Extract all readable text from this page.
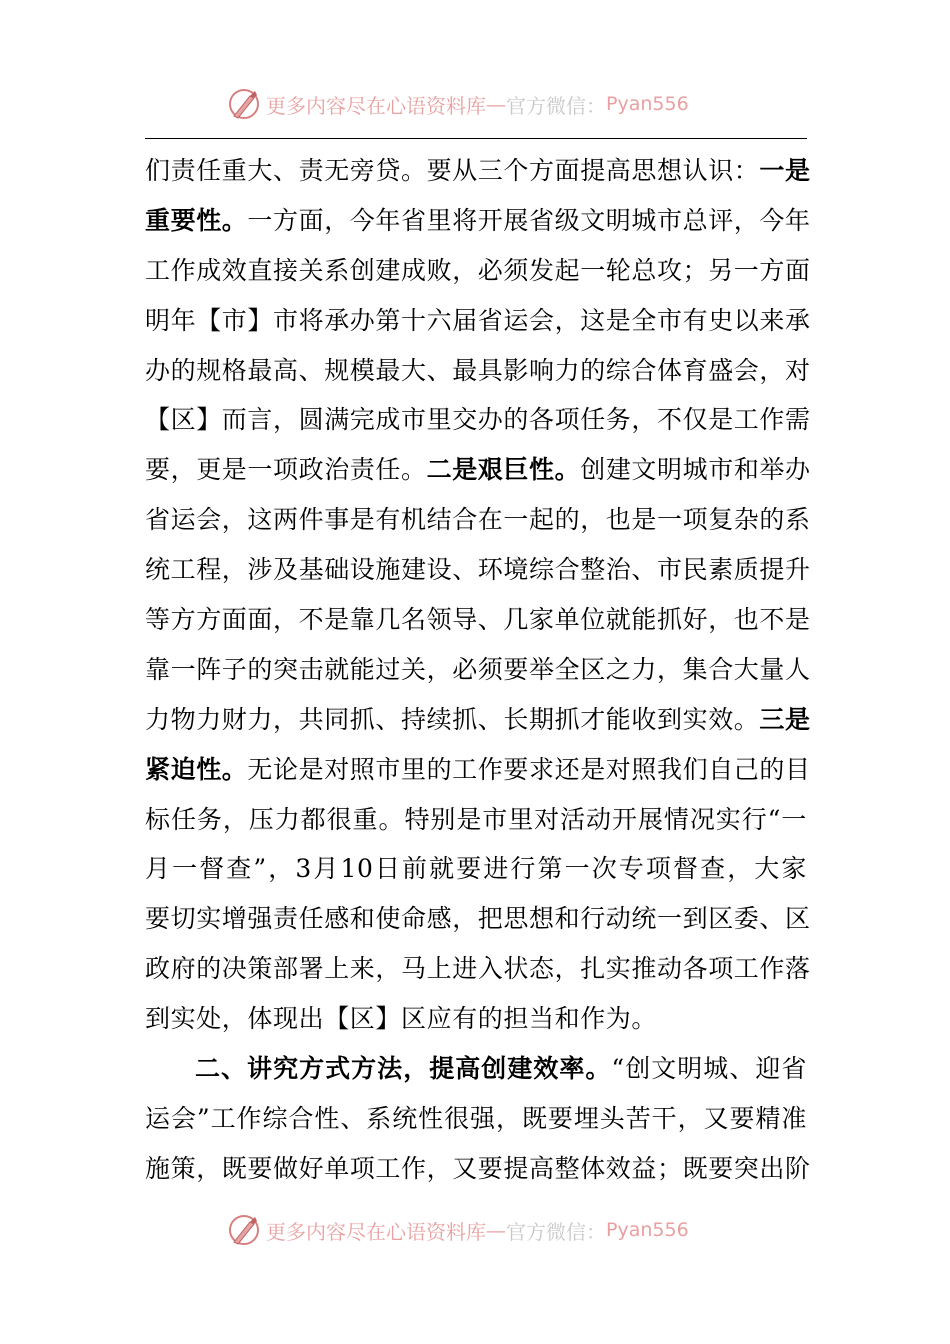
更多内容尽在心语资料库 — 官方微信： Pyan556
们责任重大、责无旁贷。要从三个方面提高思想认识：一是
重要性。一方面，今年省里将开展省级文明城市总评，今年
工作成效直接关系创建成败，必须发起一轮总攻；另一方面
明年【市】市将承办第十六届省运会，这是全市有史以来承
办的规格最高、规模最大、最具影响力的综合体育盛会，对
【区】而言，圆满完成市里交办的各项任务，不仅是工作需
要，更是一项政治责任。二是艰巨性。创建文明城市和举办
省运会，这两件事是有机结合在一起的，也是一项复杂的系
统工程，涉及基础设施建设、环境综合整治、市民素质提升
等方方面面，不是靠几名领导、几家单位就能抓好，也不是
靠一阵子的突击就能过关，必须要举全区之力，集合大量人
力物力财力，共同抓、持续抓、长期抓才能收到实效。三是
紧迫性。无论是对照市里的工作要求还是对照我们自己的目
标任务，压力都很重。特别是市里对活动开展情况实行“一
月一督查”，3月10日前就要进行第一次专项督查，大家
要切实增强责任感和使命感，把思想和行动统一到区委、区
政府的决策部署上来，马上进入状态，扎实推动各项工作落
到实处，体现出【区】区应有的担当和作为。
二、讲究方式方法，提高创建效率。“创文明城、迎省
运会”工作综合性、系统性很强，既要埋头苦干，又要精准
施策，既要做好单项工作，又要提高整体效益；既要突出阶
更多内容尽在心语资料库 — 官方微信： Pyan556
